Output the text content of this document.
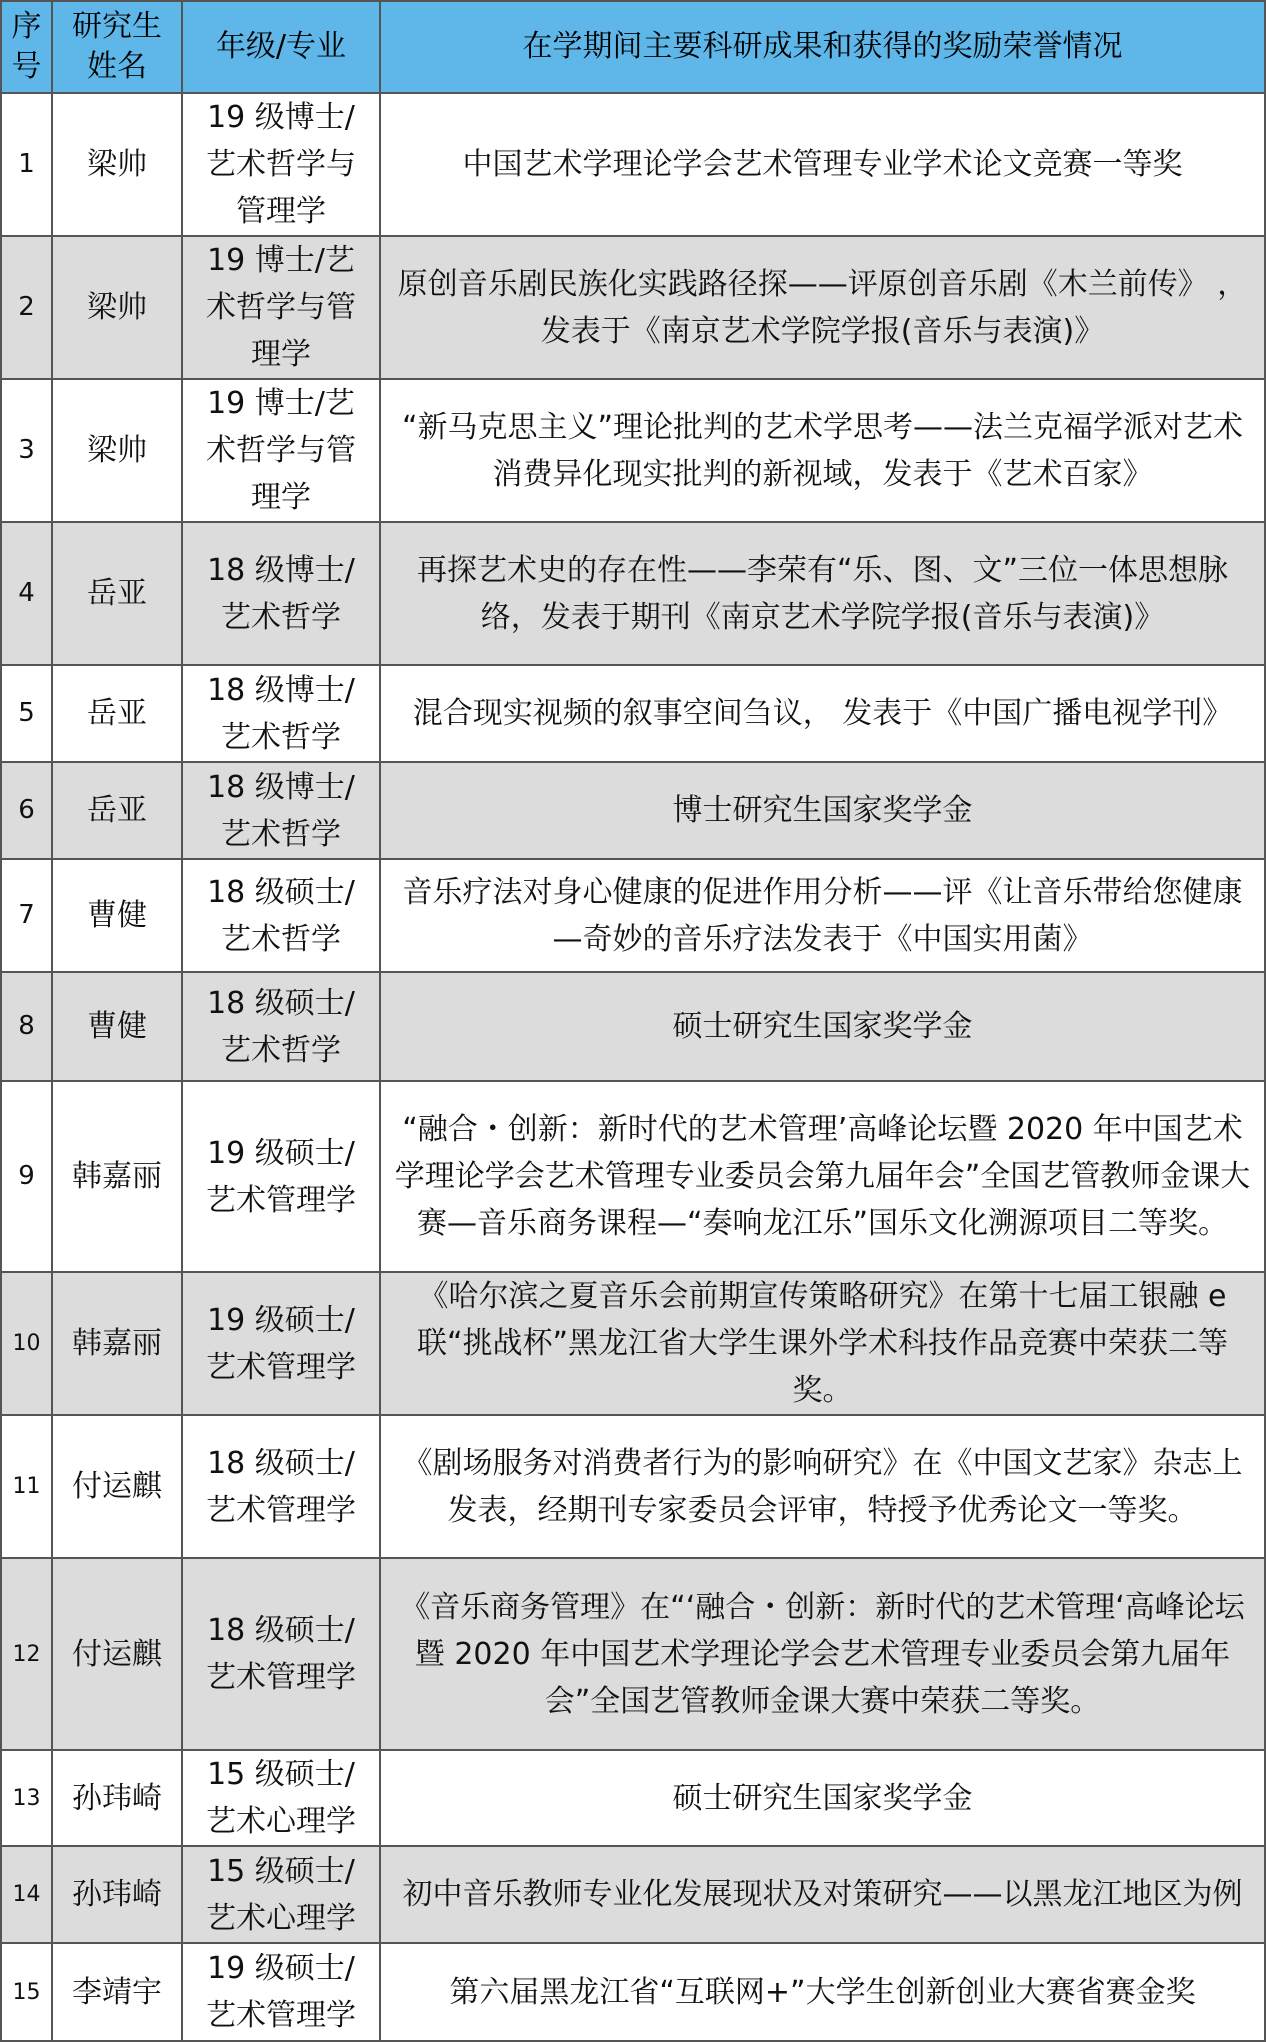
序号	研究生姓名	年级/专业	在学期间主要科研成果和获得的奖励荣誉情况
1	梁帅	19 级博士/艺术哲学与管理学	中国艺术学理论学会艺术管理专业学术论文竞赛一等奖
2	梁帅	19 博士/艺术哲学与管理学	原创音乐剧民族化实践路径探——评原创音乐剧《木兰前传》 ，发表于《南京艺术学院学报(音乐与表演)》
3	梁帅	19 博士/艺术哲学与管理学	“新马克思主义”理论批判的艺术学思考——法兰克福学派对艺术消费异化现实批判的新视域，发表于《艺术百家》
4	岳亚	18 级博士/艺术哲学	再探艺术史的存在性——李荣有“乐、图、文”三位一体思想脉络，发表于期刊《南京艺术学院学报(音乐与表演)》
5	岳亚	18 级博士/艺术哲学	混合现实视频的叙事空间刍议， 发表于《中国广播电视学刊》
6	岳亚	18 级博士/艺术哲学	博士研究生国家奖学金
7	曹健	18 级硕士/艺术哲学	音乐疗法对身心健康的促进作用分析——评《让音乐带给您健康—奇妙的音乐疗法发表于《中国实用菌》
8	曹健	18 级硕士/艺术哲学	硕士研究生国家奖学金
9	韩嘉丽	19 级硕士/艺术管理学	“融合・创新：新时代的艺术管理’高峰论坛暨 2020 年中国艺术学理论学会艺术管理专业委员会第九届年会”全国艺管教师金课大赛—音乐商务课程—“奏响龙江乐”国乐文化溯源项目二等奖。
10	韩嘉丽	19 级硕士/艺术管理学	《哈尔滨之夏音乐会前期宣传策略研究》在第十七届工银融 e 联“挑战杯”黑龙江省大学生课外学术科技作品竞赛中荣获二等奖。
11	付运麒	18 级硕士/艺术管理学	《剧场服务对消费者行为的影响研究》在《中国文艺家》杂志上发表，经期刊专家委员会评审，特授予优秀论文一等奖。
12	付运麒	18 级硕士/艺术管理学	《音乐商务管理》在“‘融合・创新：新时代的艺术管理‘高峰论坛暨 2020 年中国艺术学理论学会艺术管理专业委员会第九届年会”全国艺管教师金课大赛中荣获二等奖。
13	孙玮崎	15 级硕士/艺术心理学	硕士研究生国家奖学金
14	孙玮崎	15 级硕士/艺术心理学	初中音乐教师专业化发展现状及对策研究——以黑龙江地区为例
15	李靖宇	19 级硕士/艺术管理学	第六届黑龙江省“互联网+”大学生创新创业大赛省赛金奖
